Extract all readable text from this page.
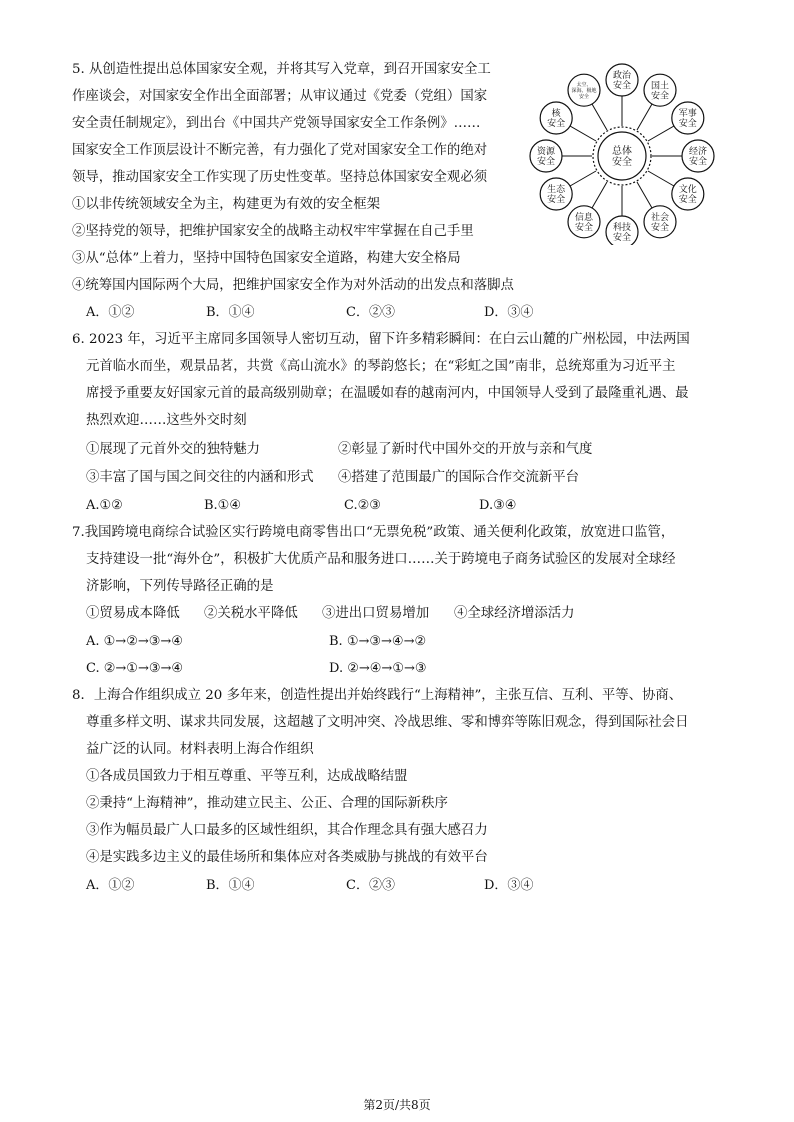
5. 从创造性提出总体国家安全观，并将其写入党章，到召开国家安全工
作座谈会，对国家安全作出全面部署；从审议通过《党委（党组）国家
安全责任制规定》，到出台《中国共产党领导国家安全工作条例》……
国家安全工作顶层设计不断完善，有力强化了党对国家安全工作的绝对
领导，推动国家安全工作实现了历史性变革。坚持总体国家安全观必须
①以非传统领域安全为主，构建更为有效的安全框架
②坚持党的领导，把维护国家安全的战略主动权牢牢掌握在自己手里
③从“总体”上着力，坚持中国特色国家安全道路，构建大安全格局
④统筹国内国际两个大局，把维护国家安全作为对外活动的出发点和落脚点
A．①②	B．①④	C．②③	D．③④
政治
安全 国土
安全
军事
安全
经济
安全
文化
安全
社会
安全
科技
安全
信息
安全
生态
安全
资源
安全
核
安全
太空、
深海、极地
安全
总体
安全
6. 2023 年，习近平主席同多国领导人密切互动，留下许多精彩瞬间：在白云山麓的广州松园，中法两国
元首临水而坐，观景品茗，共赏《高山流水》的琴韵悠长；在“彩虹之国”南非，总统郑重为习近平主
席授予重要友好国家元首的最高级别勋章；在温暖如春的越南河内，中国领导人受到了最隆重礼遇、最
热烈欢迎……这些外交时刻
①展现了元首外交的独特魅力	②彰显了新时代中国外交的开放与亲和气度
③丰富了国与国之间交往的内涵和形式 ④搭建了范围最广的国际合作交流新平台
A.①②	B.①④	C.②③	D.③④
7.我国跨境电商综合试验区实行跨境电商零售出口“无票免税”政策、通关便利化政策，放宽进口监管，
支持建设一批“海外仓”，积极扩大优质产品和服务进口……关于跨境电子商务试验区的发展对全球经
济影响，下列传导路径正确的是
①贸易成本降低 ②关税水平降低 ③进出口贸易增加 ④全球经济增添活力
A. ①→②→③→④	B. ①→③→④→②
C. ②→①→③→④	D. ②→④→①→③
8．上海合作组织成立 20 多年来，创造性提出并始终践行“上海精神”，主张互信、互利、平等、协商、
尊重多样文明、谋求共同发展，这超越了文明冲突、冷战思维、零和博弈等陈旧观念，得到国际社会日
益广泛的认同。材料表明上海合作组织
①各成员国致力于相互尊重、平等互利，达成战略结盟
②秉持“上海精神”，推动建立民主、公正、合理的国际新秩序
③作为幅员最广人口最多的区域性组织，其合作理念具有强大感召力
④是实践多边主义的最佳场所和集体应对各类威胁与挑战的有效平台
A．①②	B．①④	C．②③	D．③④
第2页/共8页
